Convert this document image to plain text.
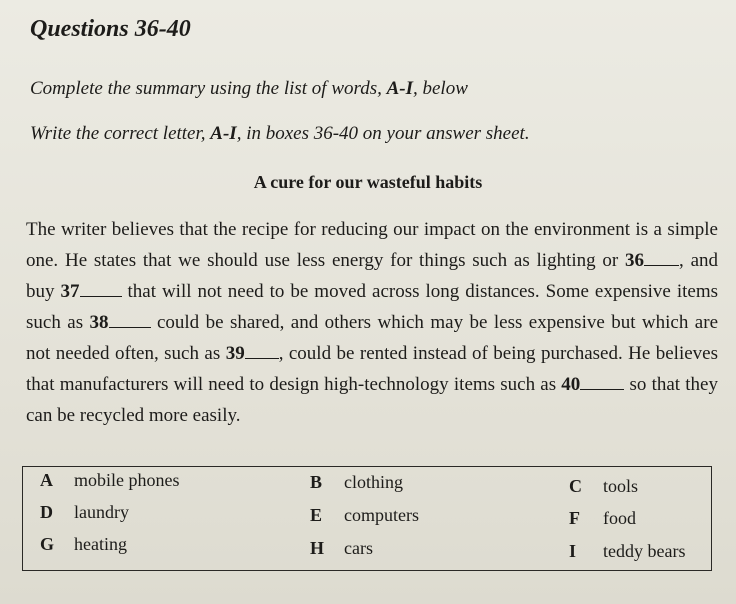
Questions 36-40
Complete the summary using the list of words, A-I, below
Write the correct letter, A-I, in boxes 36-40 on your answer sheet.
A cure for our wasteful habits
The writer believes that the recipe for reducing our impact on the environment is a simple one. He states that we should use less energy for things such as lighting or 36 , and buy 37 that will not need to be moved across long distances. Some expensive items such as 38 could be shared, and others which may be less expensive but which are not needed often, such as 39 , could be rented instead of being purchased. He believes that manufacturers will need to design high-technology items such as 40 so that they can be recycled more easily.
A mobile phones	B clothing	C tools
D laundry	E computers	F food
G heating	H cars	I teddy bears
